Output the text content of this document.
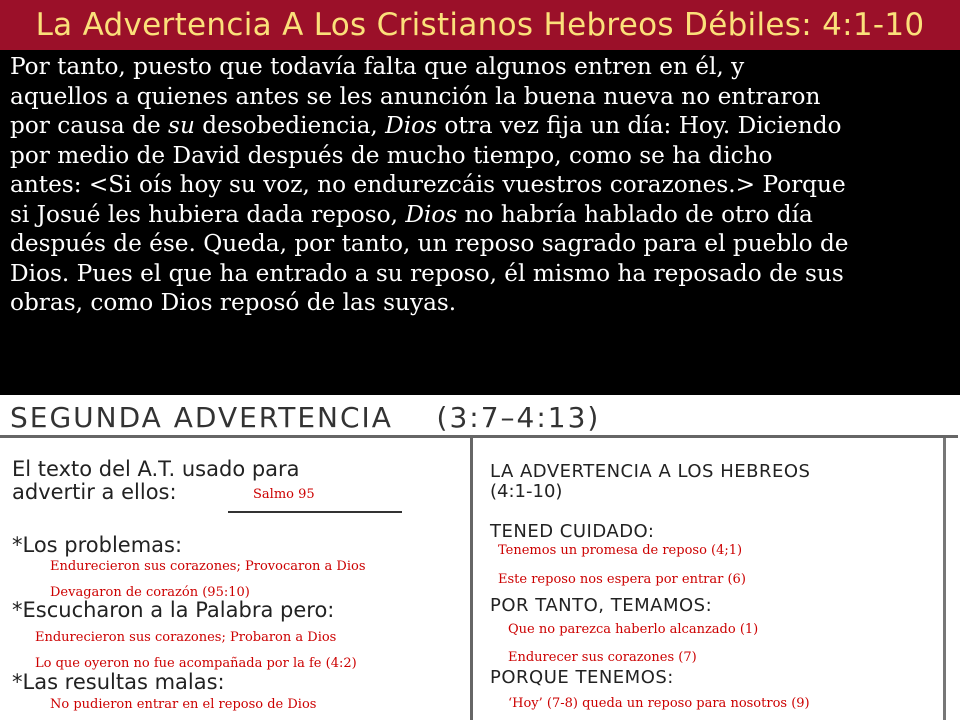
La Advertencia A Los Cristianos Hebreos Débiles: 4:1-10
Por tanto, puesto que todavía falta que algunos entren en él, y
aquellos a quienes antes se les anunción la buena nueva no entraron
por causa de su desobediencia, Dios otra vez fija un día: Hoy. Diciendo
por medio de David después de mucho tiempo, como se ha dicho
antes: <Si oís hoy su voz, no endurezcáis vuestros corazones.> Porque
si Josué les hubiera dada reposo, Dios no habría hablado de otro día
después de ése. Queda, por tanto, un reposo sagrado para el pueblo de
Dios. Pues el que ha entrado a su reposo, él mismo ha reposado de sus
obras, como Dios reposó de las suyas.
SEGUNDA ADVERTENCIA    (3:7–4:13)
El texto del A.T. usado para
advertir a ellos:	Salmo 95
*Los problemas:
Endurecieron sus corazones; Provocaron a Dios
Devagaron de corazón (95:10)
*Escucharon a la Palabra pero:
Endurecieron sus corazones; Probaron a Dios
Lo que oyeron no fue acompañada por la fe (4:2)
*Las resultas malas:
No pudieron entrar en el reposo de Dios
LA ADVERTENCIA A LOS HEBREOS
(4:1-10)
TENED CUIDADO:
Tenemos un promesa de reposo (4;1)
Este reposo nos espera por entrar (6)
POR TANTO, TEMAMOS:
Que no parezca haberlo alcanzado (1)
Endurecer sus corazones (7)
PORQUE TENEMOS:
‘Hoy’ (7-8) queda un reposo para nosotros (9)
